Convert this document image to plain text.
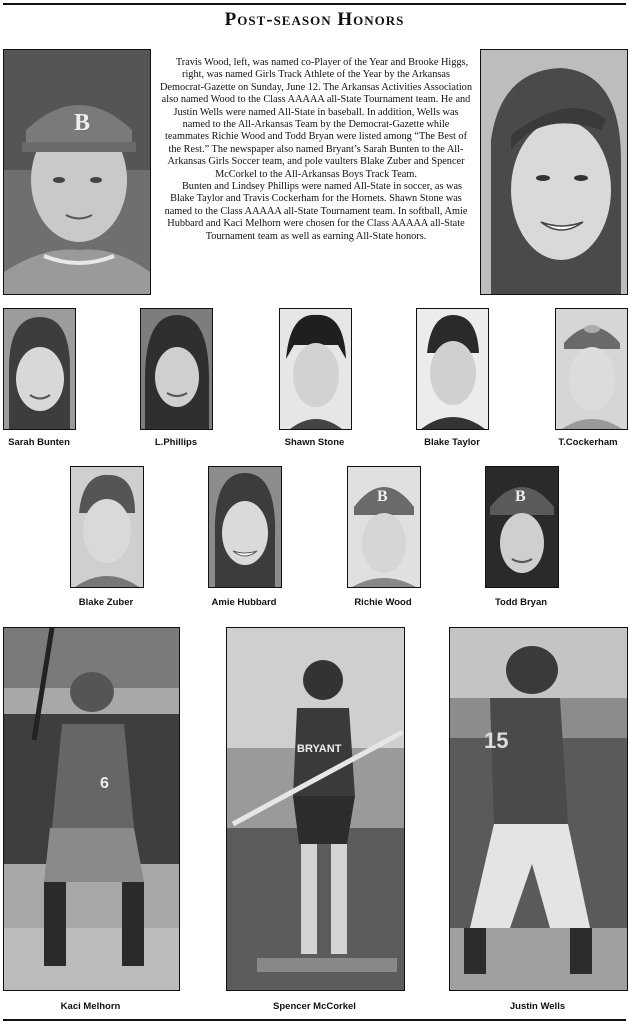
Post-season Honors
B

Travis Wood, left, was named co-Player of the Year and Brooke Higgs, right, was named Girls Track Athlete of the Year by the Arkansas Democrat-Gazette on Sunday, June 12. The Arkansas Activities Association also named Wood to the Class AAAAA all-State Tournament team. He and Justin Wells were named All-State in baseball. In addition, Wells was named to the All-Arkansas Team by the Democrat-Gazette while teammates Richie Wood and Todd Bryan were listed among “The Best of the Rest.” The newspaper also named Bryant’s Sarah Bunten to the All-Arkansas Girls Soccer team, and pole vaulters Blake Zuber and Spencer McCorkel to the All-Arkansas Boys Track Team.

Bunten and Lindsey Phillips were named All-State in soccer, as was Blake Taylor and Travis Cockerham for the Hornets. Shawn Stone was named to the Class AAAAA all-State Tournament team. In softball, Amie Hubbard and Kaci Melhorn were chosen for the Class AAAAA all-State Tournament team as well as earning All-State honors.

Sarah Bunten	L.Phillips	Shawn Stone	Blake Taylor	T.Cockerham
Blake Zuber	Amie Hubbard
B
Richie Wood
B
Todd Bryan
6
Kaci Melhorn
BRYANT
Spencer McCorkel
15
Justin Wells
